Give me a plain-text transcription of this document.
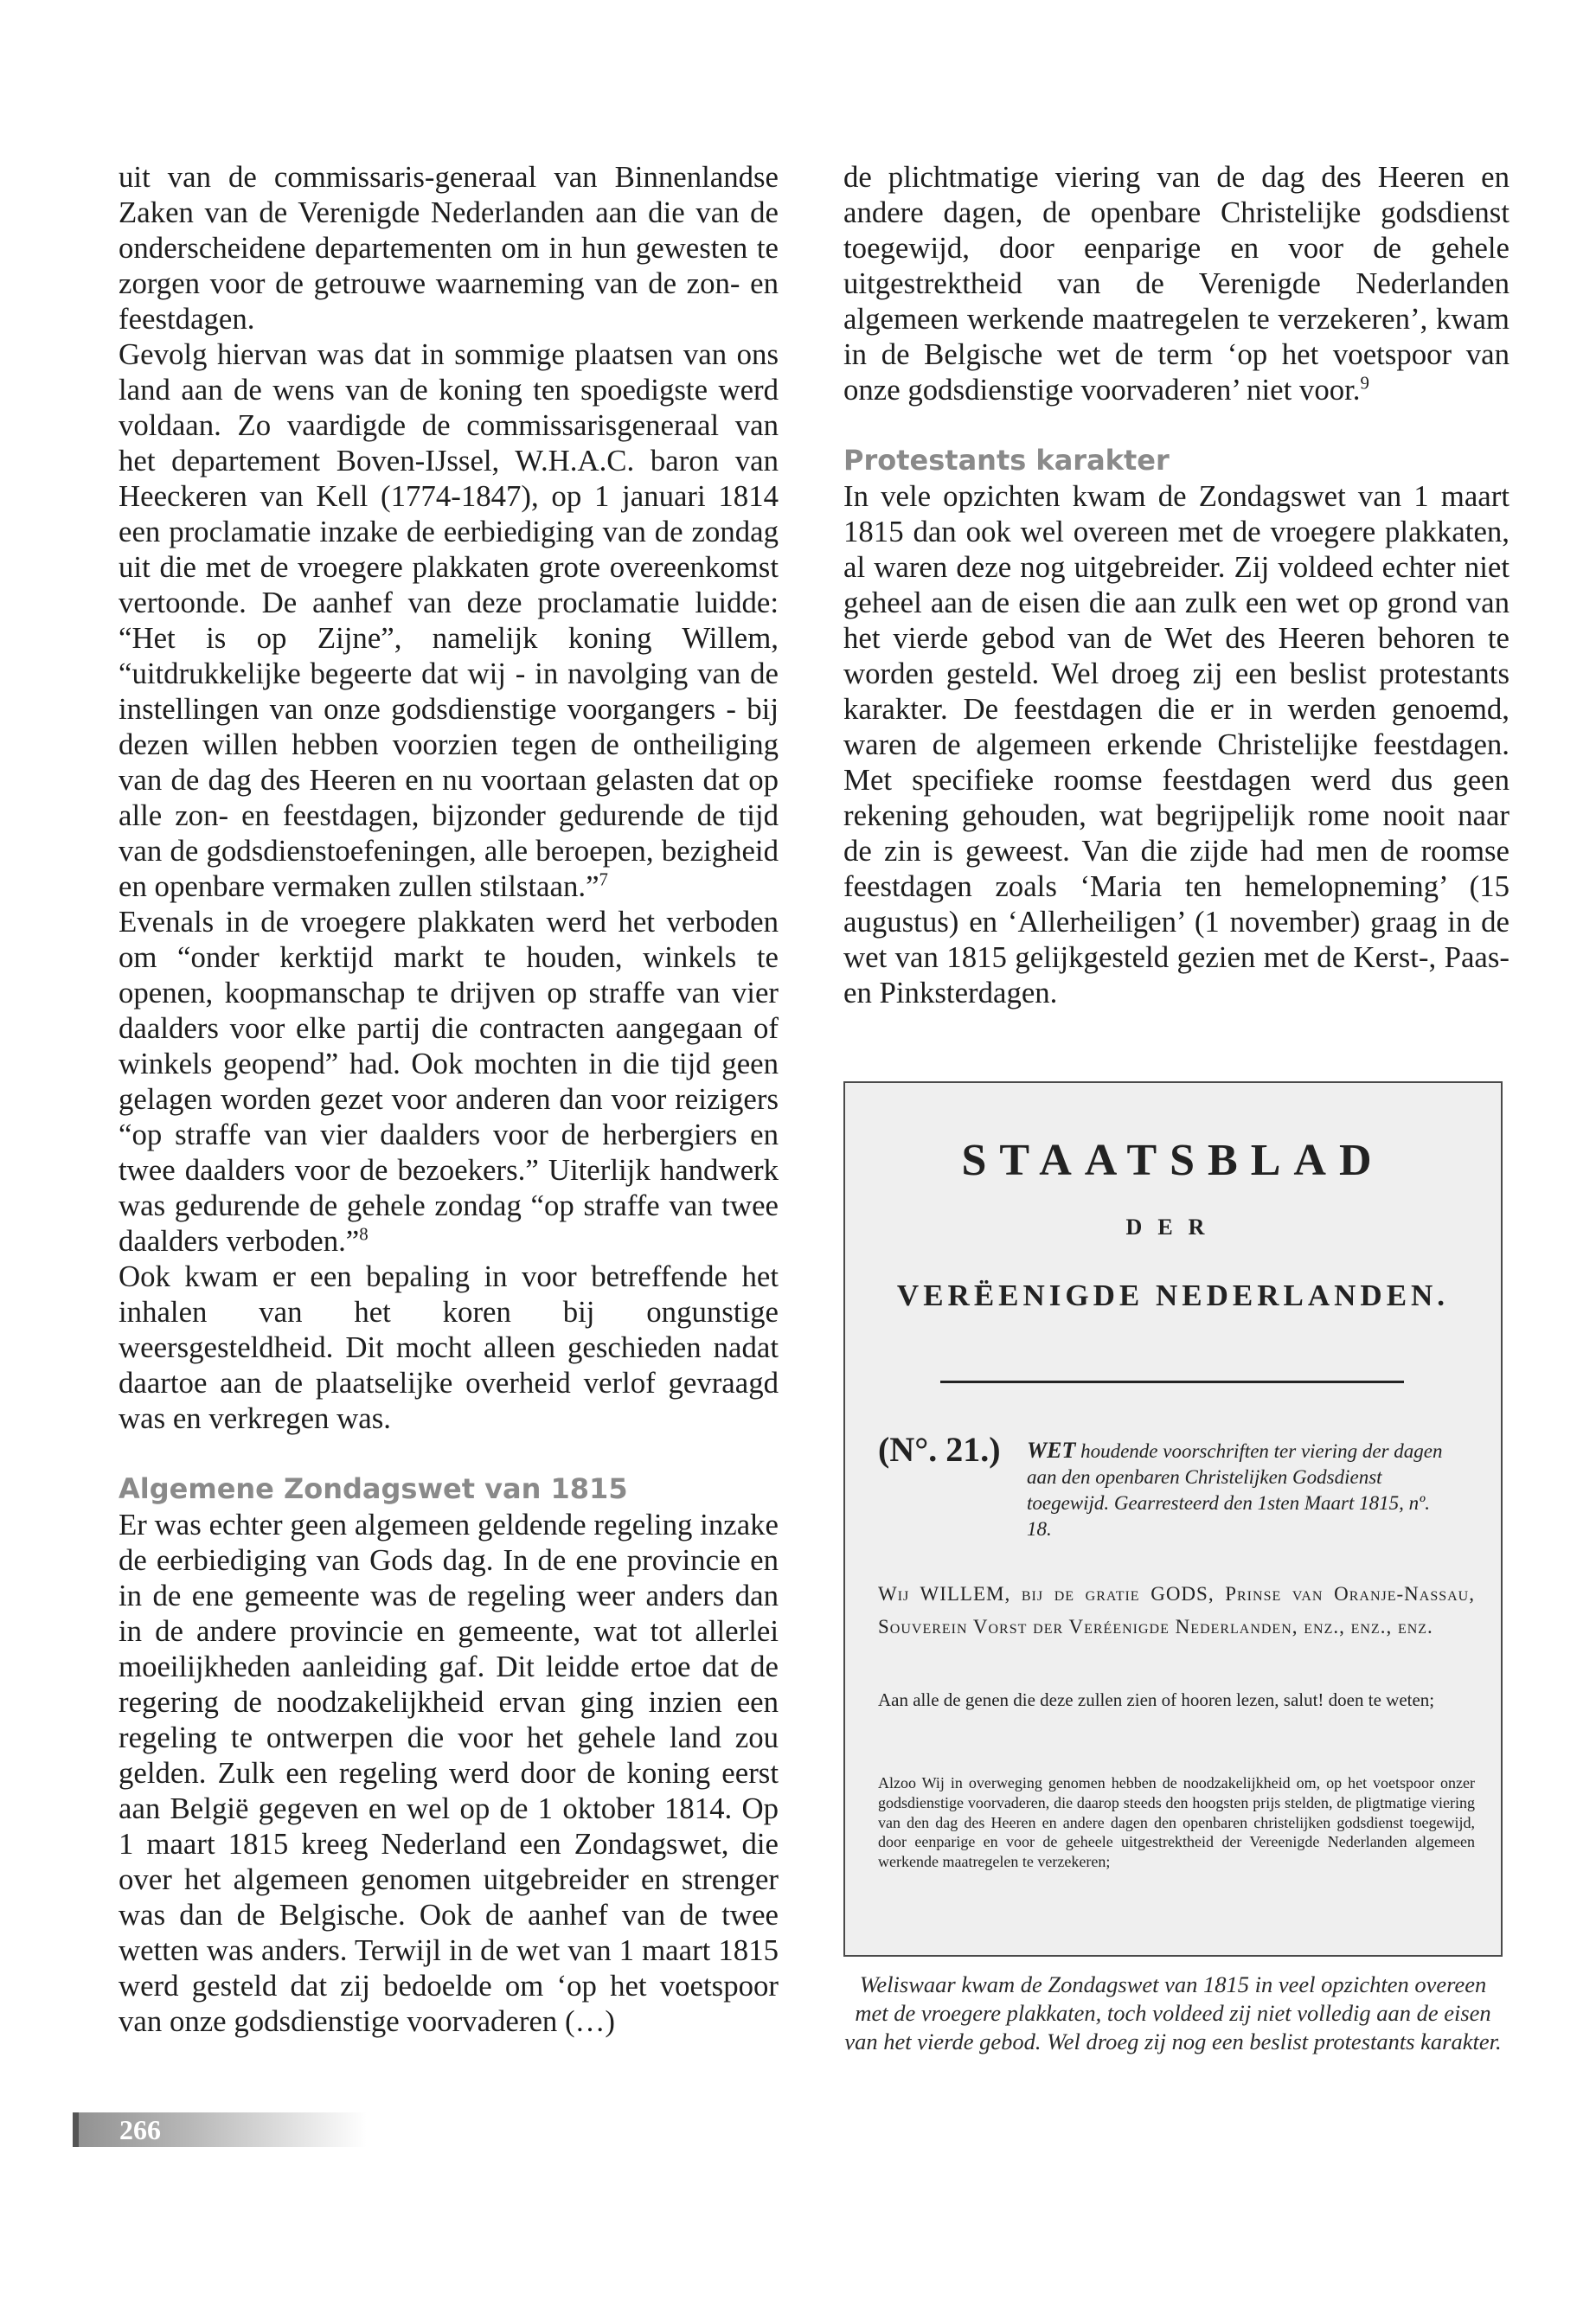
uit van de commissaris-generaal van Binnenlandse Zaken van de Verenigde Nederlanden aan die van de onderscheidene departementen om in hun gewesten te zorgen voor de getrouwe waarneming van de zon- en feestdagen.

Gevolg hiervan was dat in sommige plaatsen van ons land aan de wens van de koning ten spoedigste werd voldaan. Zo vaardigde de commissarisgeneraal van het departement Boven-IJssel, W.H.A.C. baron van Heeckeren van Kell (1774-1847), op 1 januari 1814 een proclamatie inzake de eerbiediging van de zondag uit die met de vroegere plakkaten grote overeenkomst vertoonde. De aanhef van deze proclamatie luidde: “Het is op Zijne”, namelijk koning Willem, “uitdrukkelijke begeerte dat wij - in navolging van de instellingen van onze godsdienstige voorgangers - bij dezen willen hebben voorzien tegen de ontheiliging van de dag des Heeren en nu voortaan gelasten dat op alle zon- en feestdagen, bijzonder gedurende de tijd van de godsdienstoefeningen, alle beroepen, bezigheid en openbare vermaken zullen stilstaan.”$^7$

Evenals in de vroegere plakkaten werd het verboden om “onder kerktijd markt te houden, winkels te openen, koopmanschap te drijven op straffe van vier daalders voor elke partij die contracten aangegaan of winkels geopend” had. Ook mochten in die tijd geen gelagen worden gezet voor anderen dan voor reizigers “op straffe van vier daalders voor de herbergiers en twee daalders voor de bezoekers.” Uiterlijk handwerk was gedurende de gehele zondag “op straffe van twee daalders verboden.”$^8$

Ook kwam er een bepaling in voor betreffende het inhalen van het koren bij ongunstige weersgesteldheid. Dit mocht alleen geschieden nadat daartoe aan de plaatselijke overheid verlof gevraagd was en verkregen was.

Algemene Zondagswet van 1815

Er was echter geen algemeen geldende regeling inzake de eerbiediging van Gods dag. In de ene provincie en in de ene gemeente was de regeling weer anders dan in de andere provincie en gemeente, wat tot allerlei moeilijkheden aanleiding gaf. Dit leidde ertoe dat de regering de noodzakelijkheid ervan ging inzien een regeling te ontwerpen die voor het gehele land zou gelden. Zulk een regeling werd door de koning eerst aan België gegeven en wel op de 1 oktober 1814. Op 1 maart 1815 kreeg Nederland een Zondagswet, die over het algemeen genomen uitgebreider en strenger was dan de Belgische. Ook de aanhef van de twee wetten was anders. Terwijl in de wet van 1 maart 1815 werd gesteld dat zij bedoelde om ‘op het voetspoor van onze godsdienstige voorvaderen (…)

de plichtmatige viering van de dag des Heeren en andere dagen, de openbare Christelijke godsdienst toegewijd, door eenparige en voor de gehele uitgestrektheid van de Verenigde Nederlanden algemeen werkende maatregelen te verzekeren’, kwam in de Belgische wet de term ‘op het voetspoor van onze godsdienstige voorvaderen’ niet voor.$^9$

Protestants karakter

In vele opzichten kwam de Zondagswet van 1 maart 1815 dan ook wel overeen met de vroegere plakkaten, al waren deze nog uitgebreider. Zij voldeed echter niet geheel aan de eisen die aan zulk een wet op grond van het vierde gebod van de Wet des Heeren behoren te worden gesteld. Wel droeg zij een beslist protestants karakter. De feestdagen die er in werden genoemd, waren de algemeen erkende Christelijke feestdagen. Met specifieke roomse feestdagen werd dus geen rekening gehouden, wat begrijpelijk rome nooit naar de zin is geweest. Van die zijde had men de roomse feestdagen zoals ‘Maria ten hemelopneming’ (15 augustus) en ‘Allerheiligen’ (1 november) graag in de wet van 1815 gelijkgesteld gezien met de Kerst-, Paas- en Pinksterdagen.

STAATSBLAD
DER
VERËENIGDE NEDERLANDEN.
(N°. 21.) WET houdende voorschriften ter viering der dagen aan den openbaren Christelijken Godsdienst toegewijd. Gearresteerd den 1sten Maart 1815, nº. 18.
Wij WILLEM, bij de gratie GODS, Prinse van Oranje-Nassau, Souverein Vorst der Veréenigde Nederlanden, enz., enz., enz.
Aan alle de genen die deze zullen zien of hooren lezen, salut! doen te weten;
Alzoo Wij in overweging genomen hebben de noodzakelijkheid om, op het voetspoor onzer godsdienstige voorvaderen, die daarop steeds den hoogsten prijs stelden, de pligtmatige viering van den dag des Heeren en andere dagen den openbaren christelijken godsdienst toegewijd, door eenparige en voor de geheele uitgestrektheid der Vereenigde Nederlanden algemeen werkende maatregelen te verzekeren;
Weliswaar kwam de Zondagswet van 1815 in veel opzichten overeen met de vroegere plakkaten, toch voldeed zij niet volledig aan de eisen van het vierde gebod. Wel droeg zij nog een beslist protestants karakter.
266
